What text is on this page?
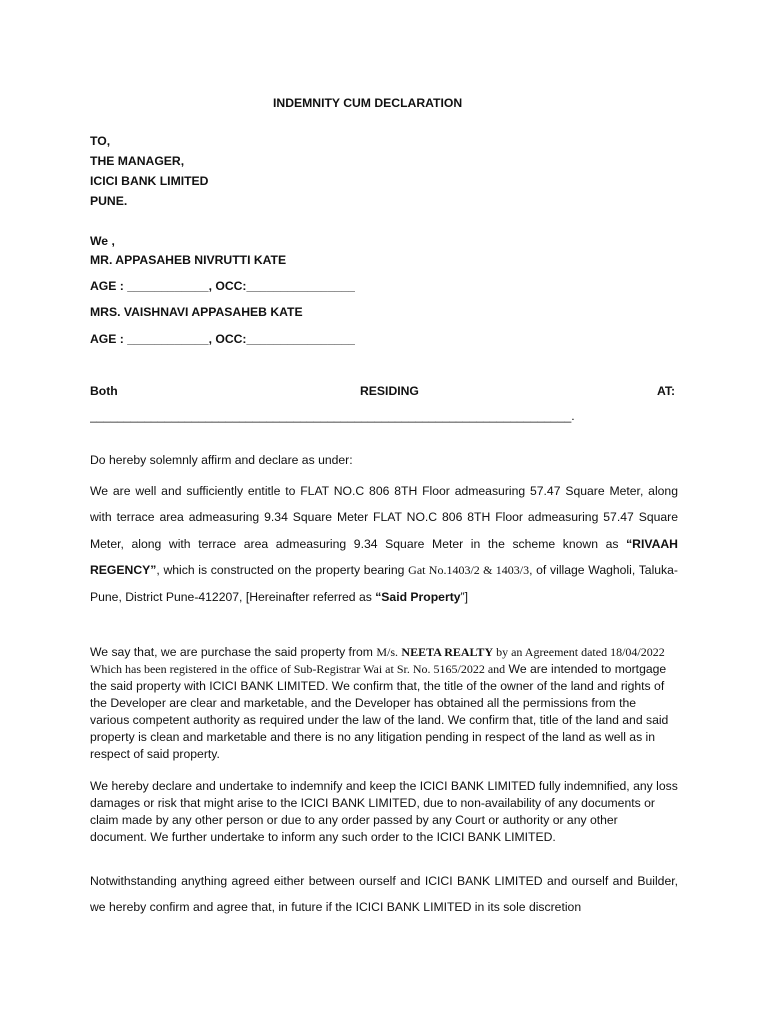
INDEMNITY CUM DECLARATION
TO,
THE MANAGER,
ICICI BANK LIMITED
PUNE.
We ,
MR. APPASAHEB NIVRUTTI KATE
AGE : ____________, OCC:________________
MRS. VAISHNAVI APPASAHEB KATE
AGE : ____________, OCC:________________
Both	RESIDING	AT:
_______________________________________________________________________.
Do hereby solemnly affirm and declare as under:
We are well and sufficiently entitle to FLAT NO.C 806 8TH Floor admeasuring 57.47 Square Meter, along with terrace area admeasuring 9.34 Square Meter FLAT NO.C 806 8TH Floor admeasuring 57.47 Square Meter, along with terrace area admeasuring 9.34 Square Meter in the scheme known as “RIVAAH REGENCY”, which is constructed on the property bearing Gat No.1403/2 & 1403/3, of village Wagholi, Taluka- Pune, District Pune-412207, [Hereinafter referred as “Said Property”]
We say that, we are purchase the said property from M/s. NEETA REALTY by an Agreement dated 18/04/2022 Which has been registered in the office of Sub-Registrar Wai at Sr. No. 5165/2022 and We are intended to mortgage the said property with ICICI BANK LIMITED. We confirm that, the title of the owner of the land and rights of the Developer are clear and marketable, and the Developer has obtained all the permissions from the various competent authority as required under the law of the land. We confirm that, title of the land and said property is clean and marketable and there is no any litigation pending in respect of the land as well as in respect of said property.
We hereby declare and undertake to indemnify and keep the ICICI BANK LIMITED fully indemnified, any loss damages or risk that might arise to the ICICI BANK LIMITED, due to non-availability of any documents or claim made by any other person or due to any order passed by any Court or authority or any other document. We further undertake to inform any such order to the ICICI BANK LIMITED.
Notwithstanding anything agreed either between ourself and ICICI BANK LIMITED and ourself and Builder, we hereby confirm and agree that, in future if the ICICI BANK LIMITED in its sole discretion
